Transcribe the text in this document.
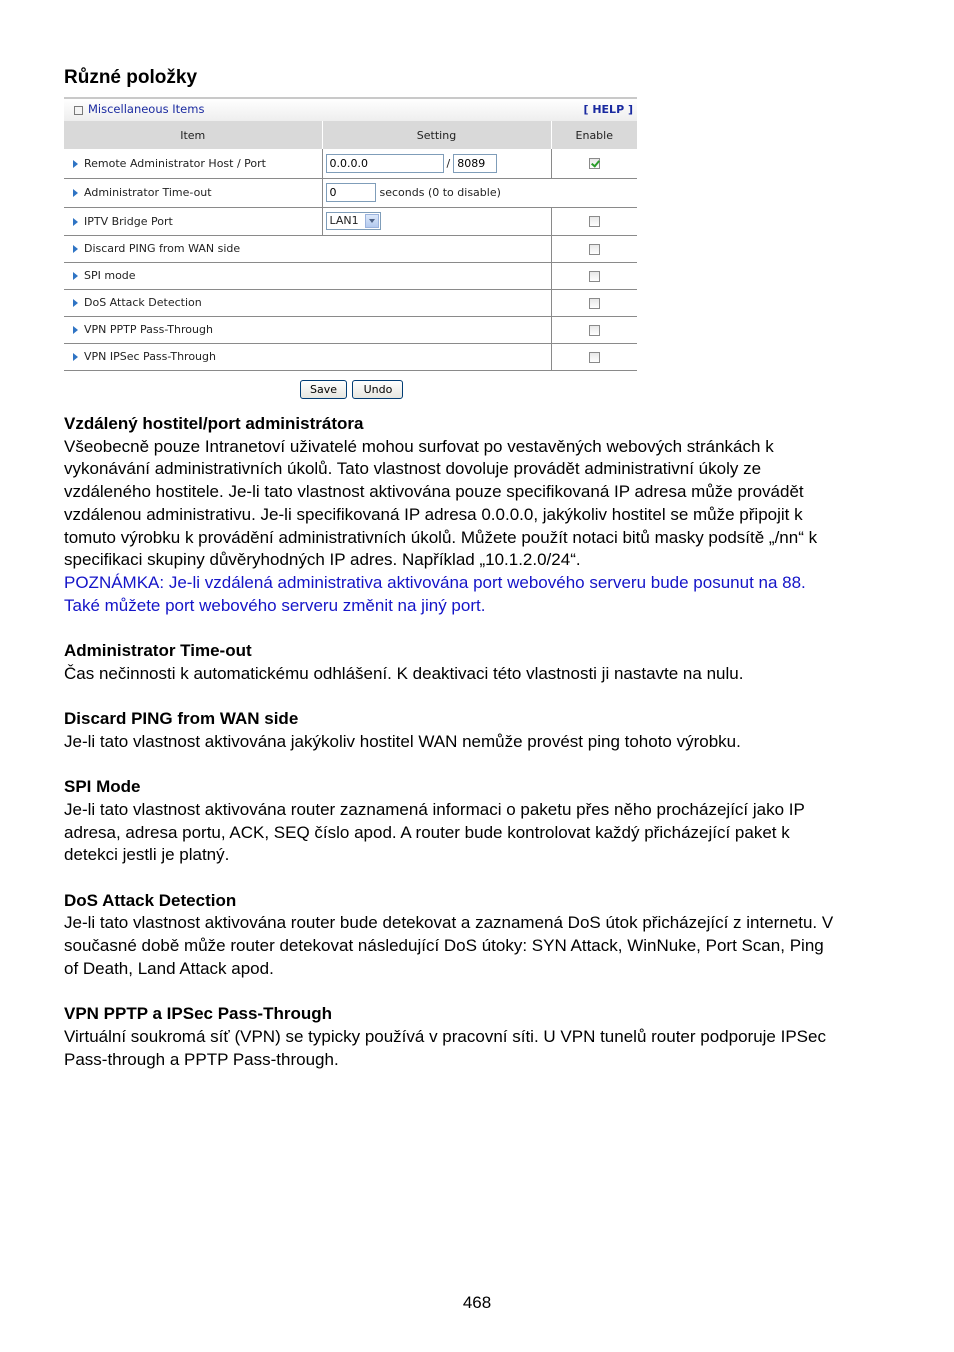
Různé položky
Miscellaneous Items	[ HELP ]
Item	Setting	Enable
Remote Administrator Host / Port	0.0.0.0/8089	
Administrator Time-out	0seconds (0 to disable)
IPTV Bridge Port	LAN1	

Discard PING from WAN side		
SPI mode		
DoS Attack Detection		
VPN PPTP Pass-Through		
VPN IPSec Pass-Through		
Save Undo
Vzdálený hostitel/port administrátora
Všeobecně pouze Intranetoví uživatelé mohou surfovat po vestavěných webových stránkách k
vykonávání administrativních úkolů. Tato vlastnost dovoluje provádět administrativní úkoly ze
vzdáleného hostitele. Je-li tato vlastnost aktivována pouze specifikovaná IP adresa může provádět
vzdálenou administrativu. Je-li specifikovaná IP adresa 0.0.0.0, jakýkoliv hostitel se může připojit k
tomuto výrobku k provádění administrativních úkolů. Můžete použít notaci bitů masky podsítě „/nn“ k
specifikaci skupiny důvěryhodných IP adres. Například „10.1.2.0/24“.
POZNÁMKA: Je-li vzdálená administrativa aktivována port webového serveru bude posunut na 88.
Také můžete port webového serveru změnit na jiný port.
Administrator Time-out
Čas nečinnosti k automatickému odhlášení. K deaktivaci této vlastnosti ji nastavte na nulu.
Discard PING from WAN side
Je-li tato vlastnost aktivována jakýkoliv hostitel WAN nemůže provést ping tohoto výrobku.
SPI Mode
Je-li tato vlastnost aktivována router zaznamená informaci o paketu přes něho procházející jako IP
adresa, adresa portu, ACK, SEQ číslo apod. A router bude kontrolovat každý přicházející paket k
detekci jestli je platný.
DoS Attack Detection
Je-li tato vlastnost aktivována router bude detekovat a zaznamená DoS útok přicházející z internetu. V
současné době může router detekovat následující DoS útoky: SYN Attack, WinNuke, Port Scan, Ping
of Death, Land Attack apod.
VPN PPTP a IPSec Pass-Through
Virtuální soukromá síť (VPN) se typicky používá v pracovní síti. U VPN tunelů router podporuje IPSec
Pass-through a PPTP Pass-through.
468
